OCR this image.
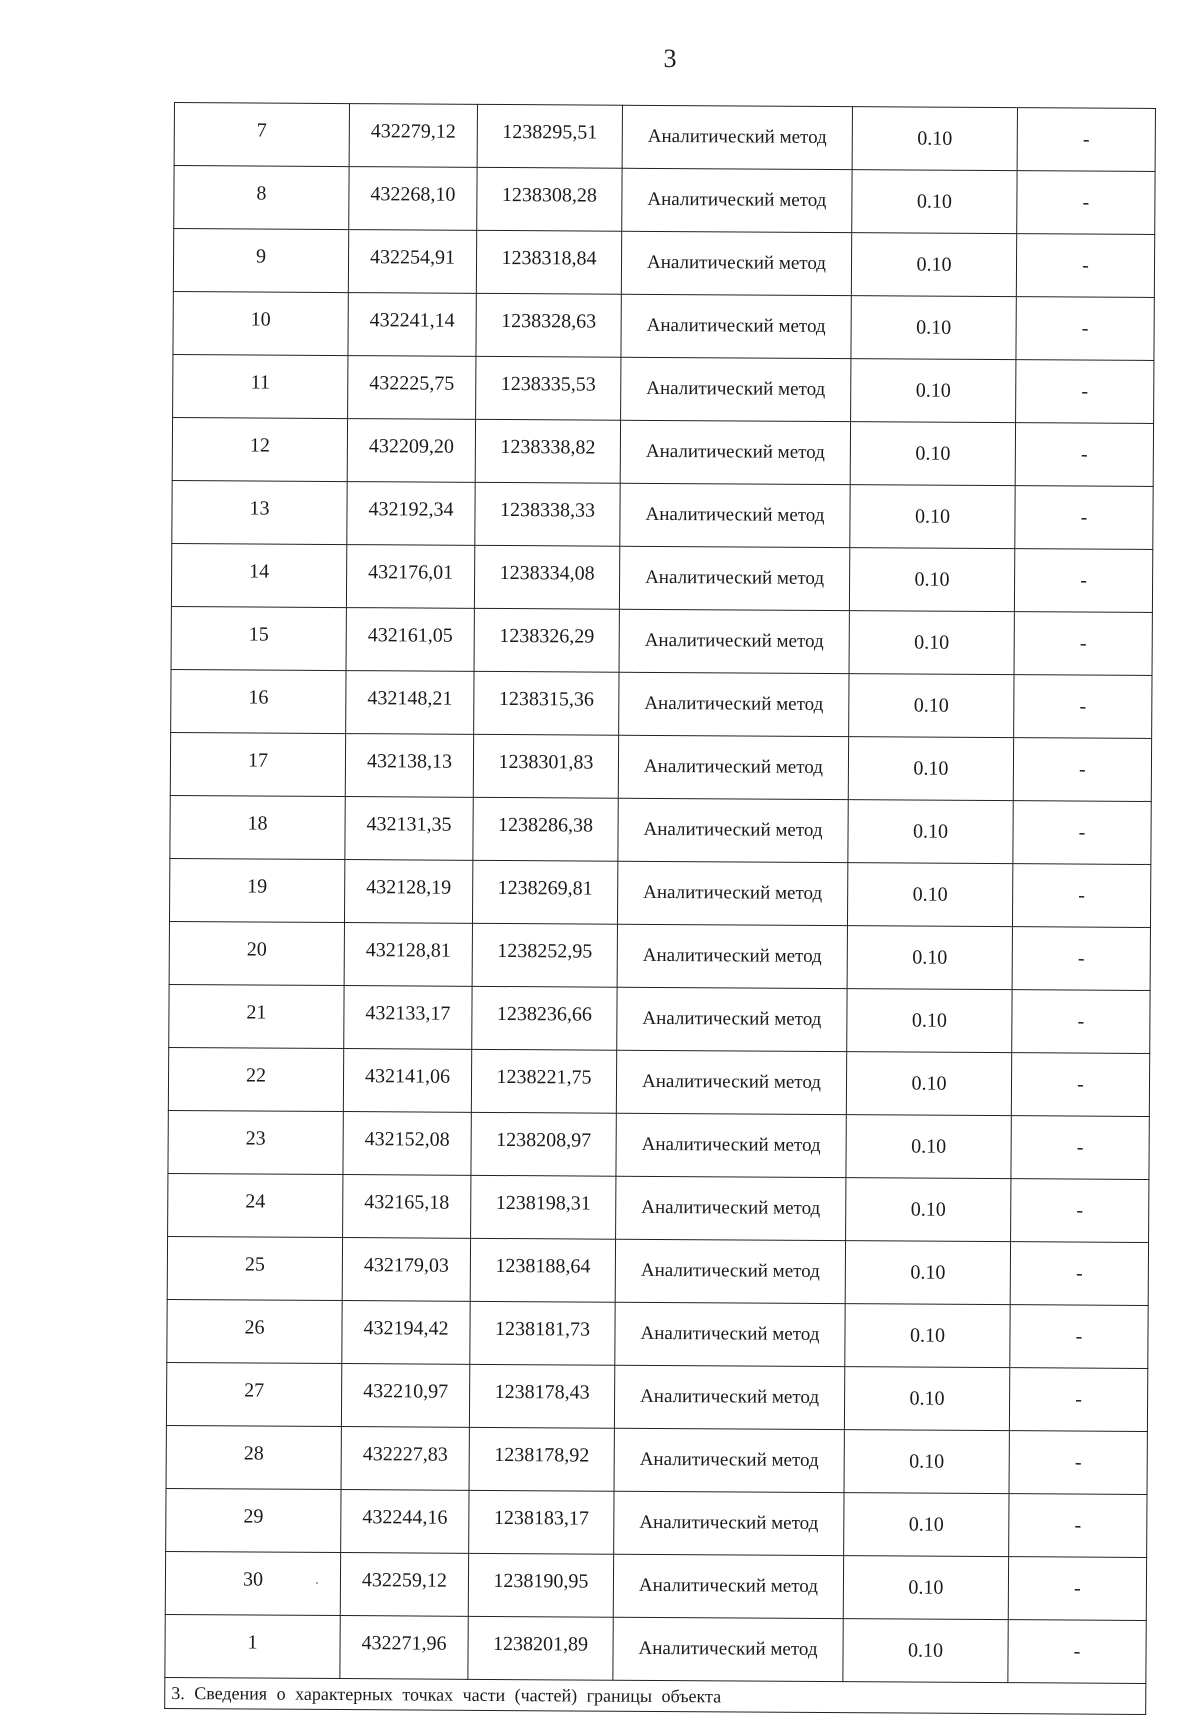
3
7	432279,12	1238295,51	Аналитический метод	0.10	-
8	432268,10	1238308,28	Аналитический метод	0.10	-
9	432254,91	1238318,84	Аналитический метод	0.10	-
10	432241,14	1238328,63	Аналитический метод	0.10	-
11	432225,75	1238335,53	Аналитический метод	0.10	-
12	432209,20	1238338,82	Аналитический метод	0.10	-
13	432192,34	1238338,33	Аналитический метод	0.10	-
14	432176,01	1238334,08	Аналитический метод	0.10	-
15	432161,05	1238326,29	Аналитический метод	0.10	-
16	432148,21	1238315,36	Аналитический метод	0.10	-
17	432138,13	1238301,83	Аналитический метод	0.10	-
18	432131,35	1238286,38	Аналитический метод	0.10	-
19	432128,19	1238269,81	Аналитический метод	0.10	-
20	432128,81	1238252,95	Аналитический метод	0.10	-
21	432133,17	1238236,66	Аналитический метод	0.10	-
22	432141,06	1238221,75	Аналитический метод	0.10	-
23	432152,08	1238208,97	Аналитический метод	0.10	-
24	432165,18	1238198,31	Аналитический метод	0.10	-
25	432179,03	1238188,64	Аналитический метод	0.10	-
26	432194,42	1238181,73	Аналитический метод	0.10	-
27	432210,97	1238178,43	Аналитический метод	0.10	-
28	432227,83	1238178,92	Аналитический метод	0.10	-
29	432244,16	1238183,17	Аналитический метод	0.10	-
30	432259,12	1238190,95	Аналитический метод	0.10	-
1	432271,96	1238201,89	Аналитический метод	0.10	-
3. Сведения о характерных точках части (частей) границы объекта					
